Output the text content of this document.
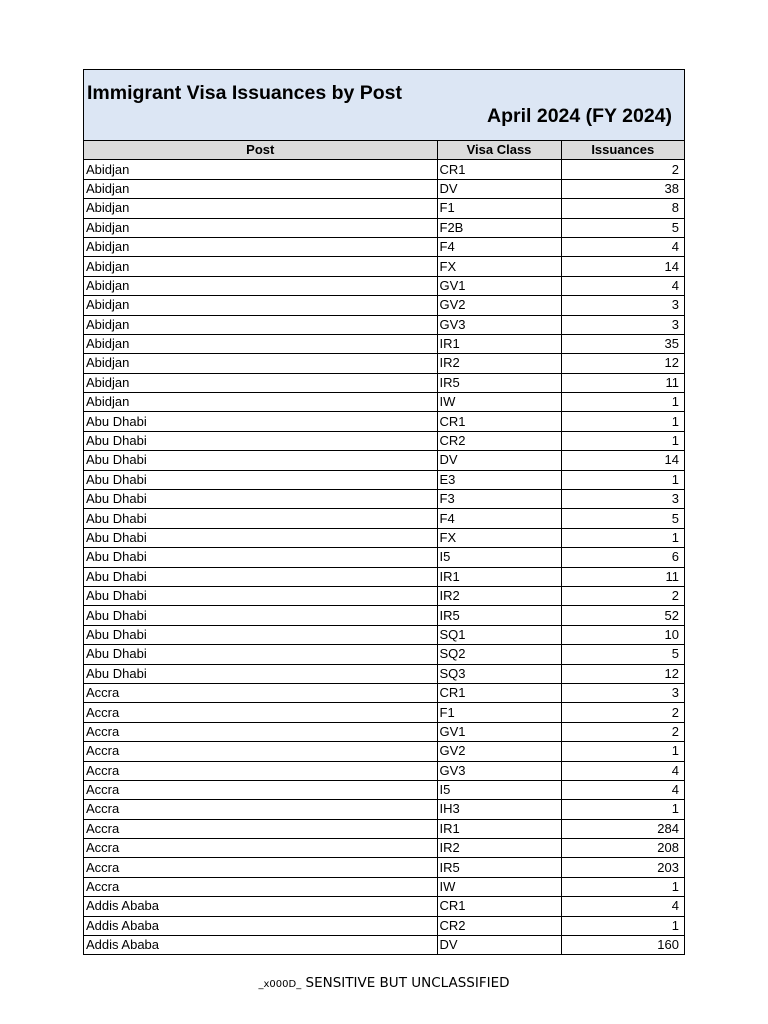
Immigrant Visa Issuances by Post
April 2024 (FY 2024)
Post	Visa Class	Issuances
Abidjan	CR1	2
Abidjan	DV	38
Abidjan	F1	8
Abidjan	F2B	5
Abidjan	F4	4
Abidjan	FX	14
Abidjan	GV1	4
Abidjan	GV2	3
Abidjan	GV3	3
Abidjan	IR1	35
Abidjan	IR2	12
Abidjan	IR5	11
Abidjan	IW	1
Abu Dhabi	CR1	1
Abu Dhabi	CR2	1
Abu Dhabi	DV	14
Abu Dhabi	E3	1
Abu Dhabi	F3	3
Abu Dhabi	F4	5
Abu Dhabi	FX	1
Abu Dhabi	I5	6
Abu Dhabi	IR1	11
Abu Dhabi	IR2	2
Abu Dhabi	IR5	52
Abu Dhabi	SQ1	10
Abu Dhabi	SQ2	5
Abu Dhabi	SQ3	12
Accra	CR1	3
Accra	F1	2
Accra	GV1	2
Accra	GV2	1
Accra	GV3	4
Accra	I5	4
Accra	IH3	1
Accra	IR1	284
Accra	IR2	208
Accra	IR5	203
Accra	IW	1
Addis Ababa	CR1	4
Addis Ababa	CR2	1
Addis Ababa	DV	160
_x000D_ SENSITIVE BUT UNCLASSIFIED
